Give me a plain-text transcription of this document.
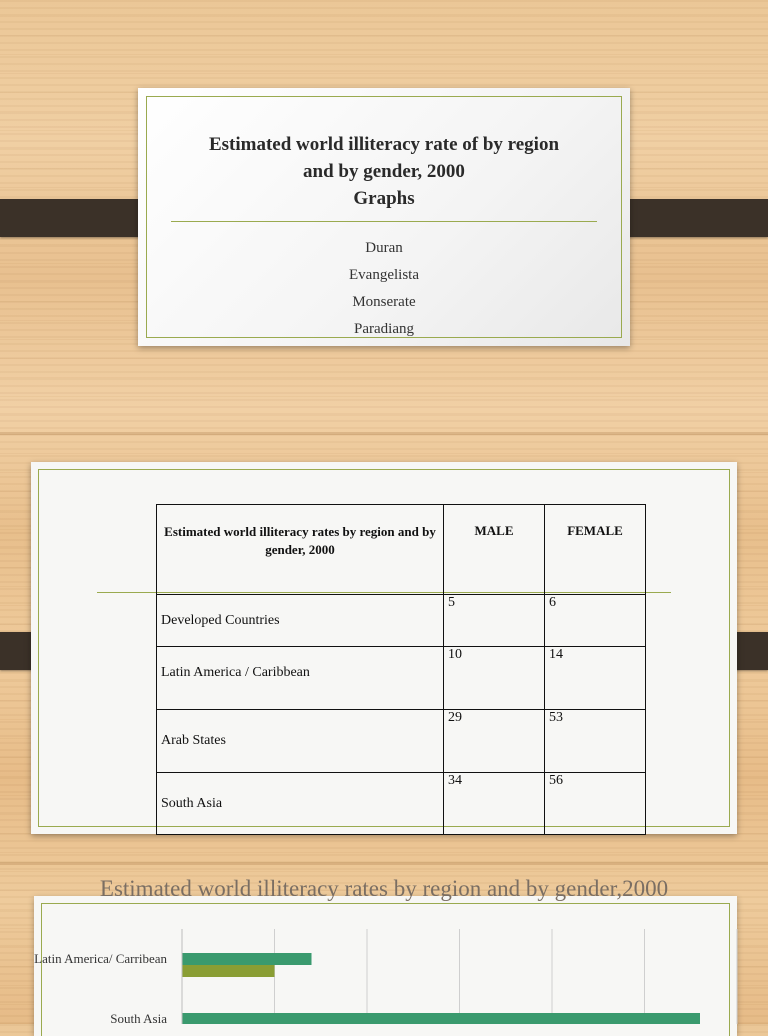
Estimated world illiteracy rate of by region
and by gender, 2000
Graphs
Duran
Evangelista
Monserate
Paradiang
Estimated world illiteracy rates by region and by gender, 2000	MALE	FEMALE
Developed Countries	5	6
Latin America / Caribbean	10	14
Arab States	29	53
South Asia	34	56
Estimated world illiteracy rates by region and by gender,2000
Latin America/ Carribean
South Asia
